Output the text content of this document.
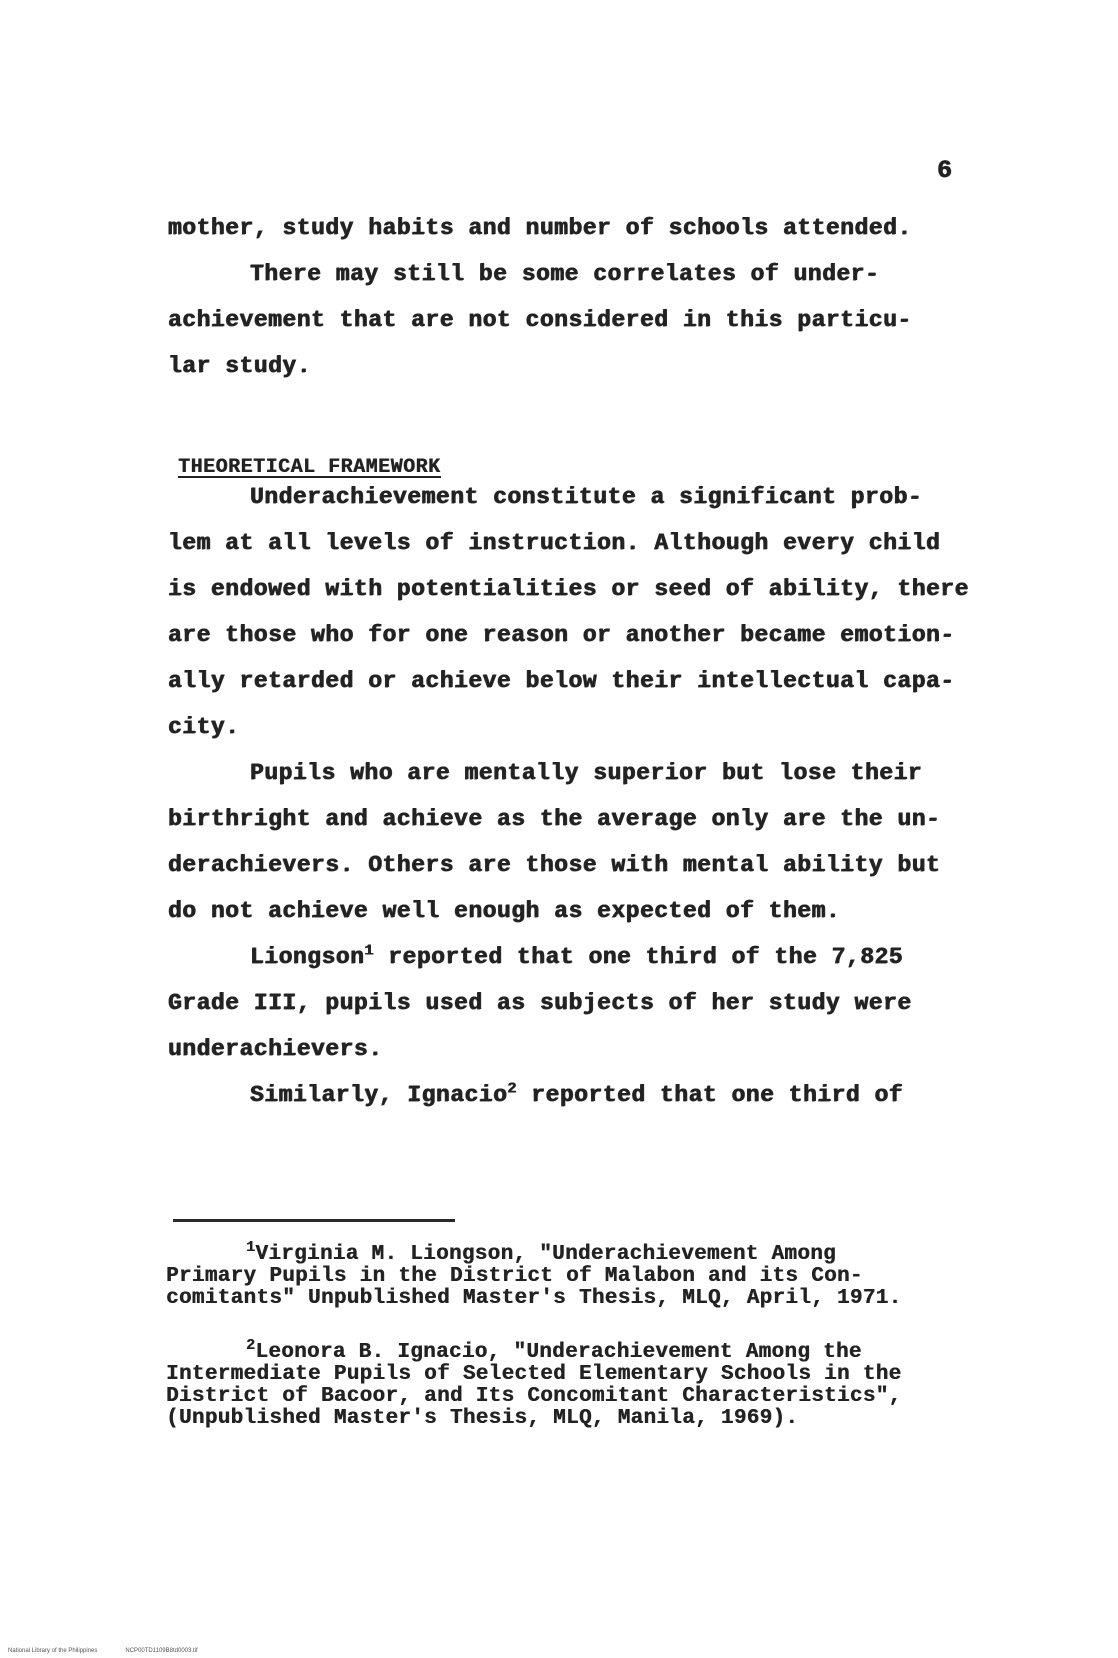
6
mother, study habits and number of schools attended.
There may still be some correlates of under-
achievement that are not considered in this particu-
lar study.
THEORETICAL FRAMEWORK
Underachievement constitute a significant prob-
lem at all levels of instruction. Although every child
is endowed with potentialities or seed of ability, there
are those who for one reason or another became emotion-
ally retarded or achieve below their intellectual capa-
city.
Pupils who are mentally superior but lose their
birthright and achieve as the average only are the un-
derachievers. Others are those with mental ability but
do not achieve well enough as expected of them.
Liongson$^1$ reported that one third of the 7,825
Grade III, pupils used as subjects of her study were
underachievers.
Similarly, Ignacio$^2$ reported that one third of
$^1$Virginia M. Liongson, "Underachievement Among
Primary Pupils in the District of Malabon and its Con-
comitants" Unpublished Master's Thesis, MLQ, April, 1971.
$^2$Leonora B. Ignacio, "Underachievement Among the
Intermediate Pupils of Selected Elementary Schools in the
District of Bacoor, and Its Concomitant Characteristics",
(Unpublished Master's Thesis, MLQ, Manila, 1969).
National Library of the Philippines	NCP00TD1109B8td0003.tif
